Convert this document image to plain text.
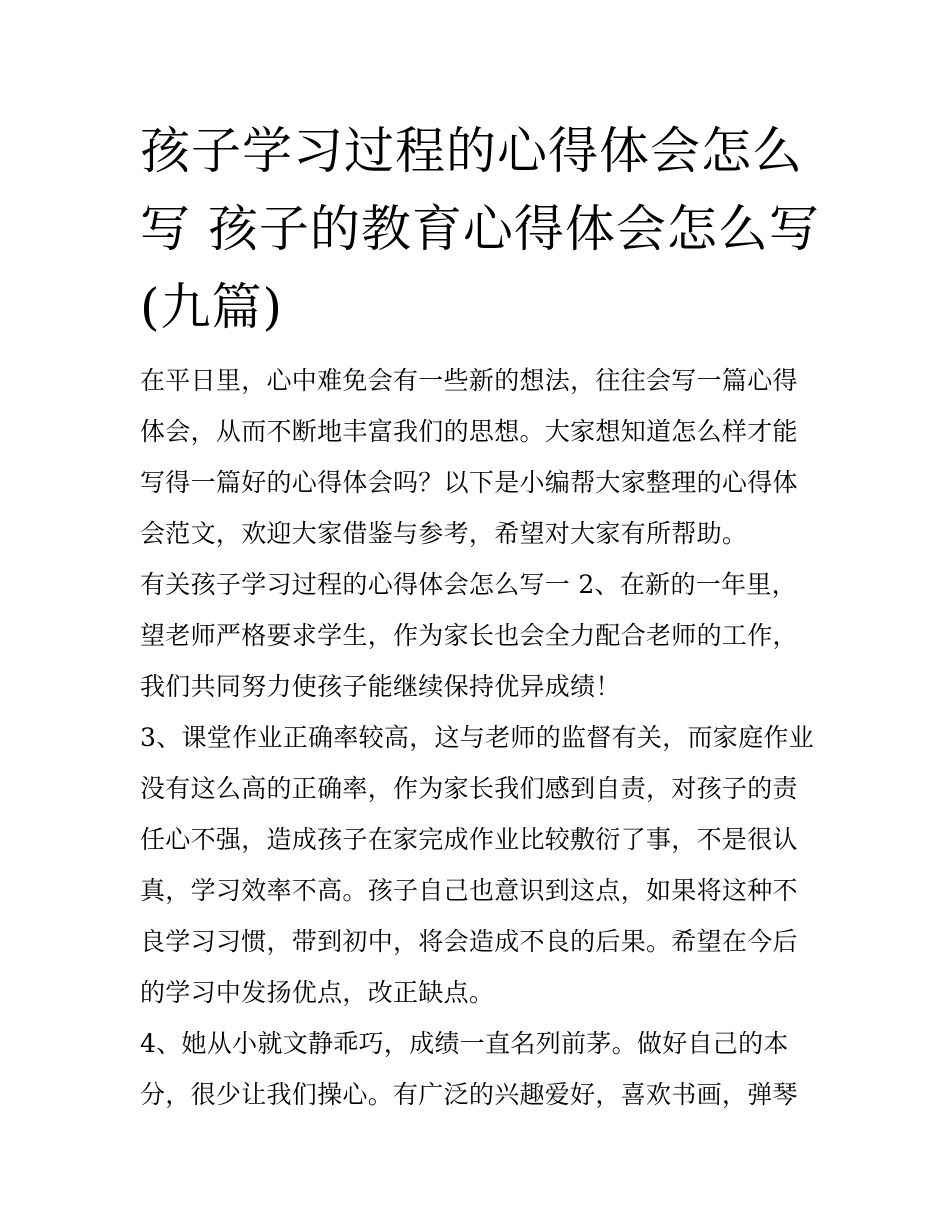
孩子学习过程的心得体会怎么写 孩子的教育心得体会怎么写(九篇)

在平日里，心中难免会有一些新的想法，往往会写一篇心得体会，从而不断地丰富我们的思想。大家想知道怎么样才能写得一篇好的心得体会吗？以下是小编帮大家整理的心得体会范文，欢迎大家借鉴与参考，希望对大家有所帮助。

有关孩子学习过程的心得体会怎么写一 2、在新的一年里，望老师严格要求学生，作为家长也会全力配合老师的工作，我们共同努力使孩子能继续保持优异成绩！

3、课堂作业正确率较高，这与老师的监督有关，而家庭作业没有这么高的正确率，作为家长我们感到自责，对孩子的责任心不强，造成孩子在家完成作业比较敷衍了事，不是很认真，学习效率不高。孩子自己也意识到这点，如果将这种不良学习习惯，带到初中，将会造成不良的后果。希望在今后的学习中发扬优点，改正缺点。

4、她从小就文静乖巧，成绩一直名列前茅。做好自己的本分，很少让我们操心。有广泛的兴趣爱好，喜欢书画，弹琴
